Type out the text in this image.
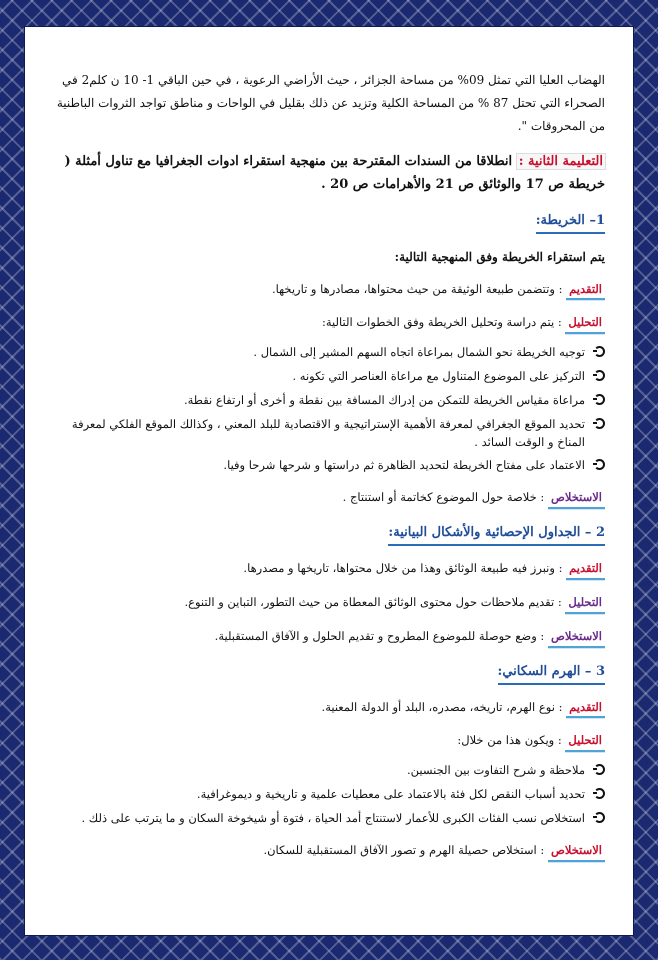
الهضاب العليا التي تمثل 09% من مساحة الجزائر ، حيث الأراضي الرعوية ، في حين الباقي 1- 10 ن كلم2 في الصحراء التي تحتل 87 % من المساحة الكلية وتزيد عن ذلك بقليل في الواحات و مناطق تواجد الثروات الباطنية من المحروقات ".

التعليمة الثانية : انطلاقا من السندات المقترحة بين منهجية استقراء ادوات الجغرافيا مع تناول أمثلة ( خريطة ص 17 والوثائق ص 21 والأهرامات ص 20 .

1– الخريطة:

يتم استقراء الخريطة وفق المنهجية التالية:

التقديم : وتتضمن طبيعة الوثيقة من حيث محتواها، مصادرها و تاريخها.

التحليل : يتم دراسة وتحليل الخريطة وفق الخطوات التالية:

توجيه الخريطة نحو الشمال بمراعاة اتجاه السهم المشير إلى الشمال .
التركيز على الموضوع المتناول مع مراعاة العناصر التي تكونه .
مراعاة مقياس الخريطة للتمكن من إدراك المسافة بين نقطة و أخرى أو ارتفاع نقطة.
تحديد الموقع الجغرافي لمعرفة الأهمية الإستراتيجية و الاقتصادية للبلد المعني ، وكذالك الموقع الفلكي لمعرفة المناخ و الوقت السائد .
الاعتماد على مفتاح الخريطة لتحديد الظاهرة ثم دراستها و شرحها شرحا وفيا.

الاستخلاص : خلاصة حول الموضوع كخاتمة أو استنتاج .

2 – الجداول الإحصائية والأشكال البيانية:

التقديم : ونبرز فيه طبيعة الوثائق وهذا من خلال محتواها، تاريخها و مصدرها.

التحليل : تقديم ملاحظات حول محتوى الوثائق المعطاة من حيث التطور، التباين و التنوع.

الاستخلاص : وضع حوصلة للموضوع المطروح و تقديم الحلول و الآفاق المستقبلية.

3 – الهرم السكاني:

التقديم : نوع الهرم، تاريخه، مصدره، البلد أو الدولة المعنية.

التحليل : ويكون هذا من خلال:

ملاحظة و شرح التفاوت بين الجنسين.
تحديد أسباب النقص لكل فئة بالاعتماد على معطيات علمية و تاريخية و ديموغرافية.
استخلاص نسب الفئات الكبرى للأعمار لاستنتاج أمد الحياة ، فتوة أو شيخوخة السكان و ما يترتب على ذلك .

الاستخلاص : استخلاص حصيلة الهرم و تصور الآفاق المستقبلية للسكان.
